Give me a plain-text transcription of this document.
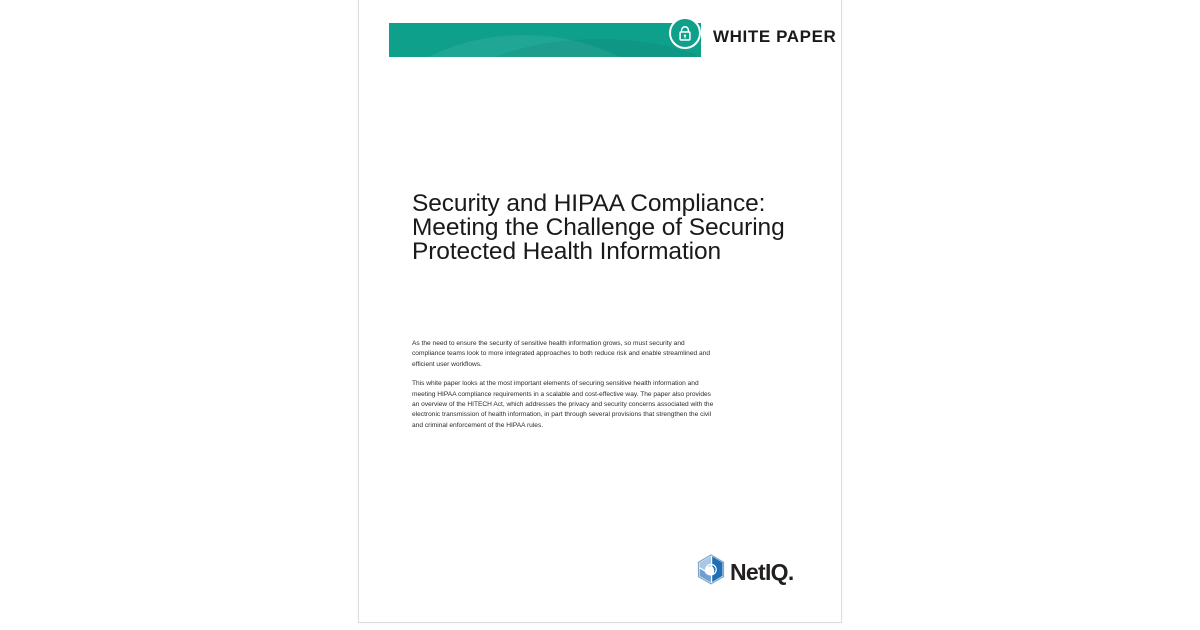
WHITE PAPER
Security and HIPAA Compliance:
Meeting the Challenge of Securing
Protected Health Information

As the need to ensure the security of sensitive health information grows, so must security and compliance teams look to more integrated approaches to both reduce risk and enable streamlined and efficient user workflows.

This white paper looks at the most important elements of securing sensitive health information and meeting HIPAA compliance requirements in a scalable and cost-effective way. The paper also provides an overview of the HITECH Act, which addresses the privacy and security concerns associated with the electronic transmission of health information, in part through several provisions that strengthen the civil and criminal enforcement of the HIPAA rules.

NetIQ.
